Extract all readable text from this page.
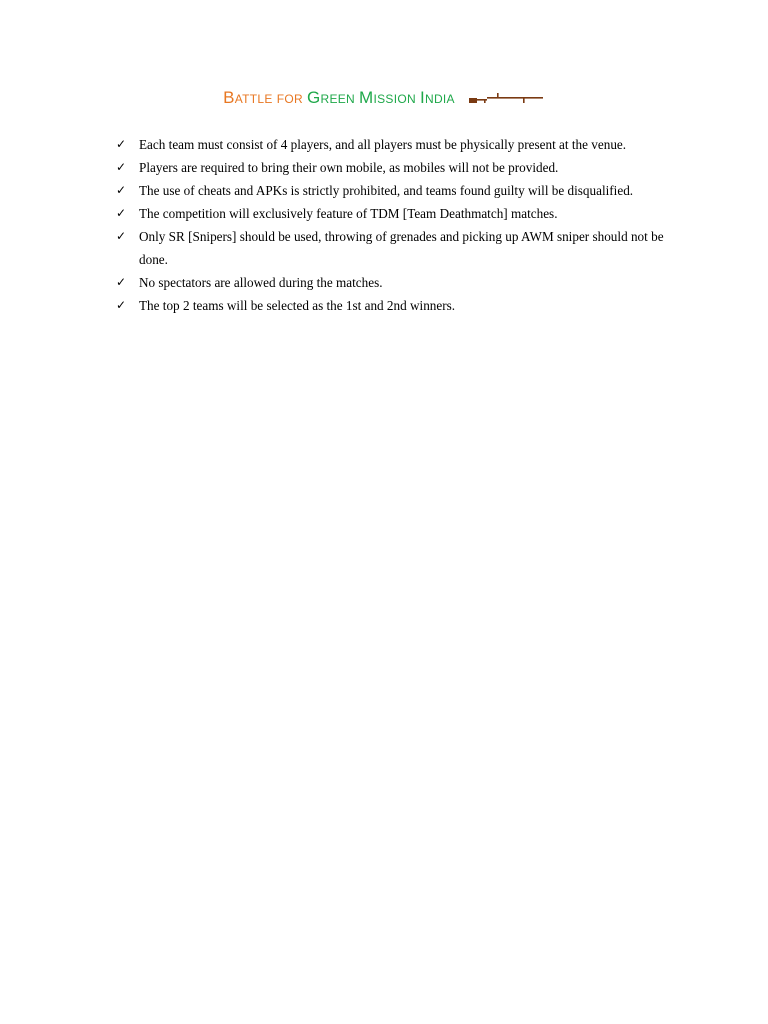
Battle for Green Mission India
✓ Each team must consist of 4 players, and all players must be physically present at the venue.
✓ Players are required to bring their own mobile, as mobiles will not be provided.
✓ The use of cheats and APKs is strictly prohibited, and teams found guilty will be disqualified.
✓ The competition will exclusively feature of TDM [Team Deathmatch] matches.
✓ Only SR [Snipers] should be used, throwing of grenades and picking up AWM sniper should not be done.
✓ No spectators are allowed during the matches.
✓ The top 2 teams will be selected as the 1st and 2nd winners.
